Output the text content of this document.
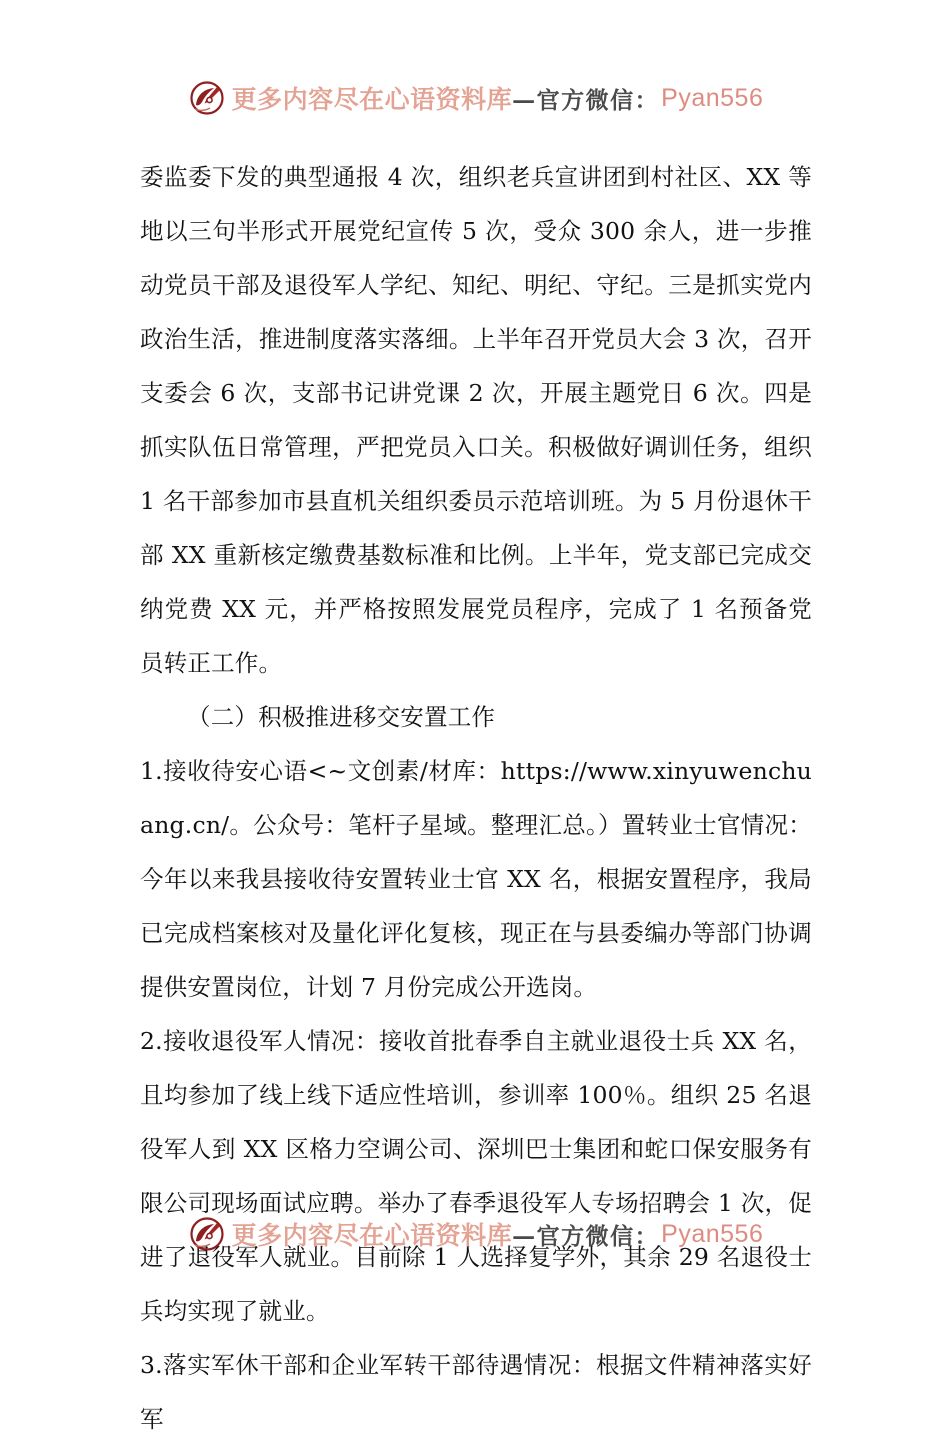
更多内容尽在心语资料库 —官方微信： Pyan556

委监委下发的典型通报 4 次，组织老兵宣讲团到村社区、XX 等地以三句半形式开展党纪宣传 5 次，受众 300 余人，进一步推动党员干部及退役军人学纪、知纪、明纪、守纪。三是抓实党内政治生活，推进制度落实落细。上半年召开党员大会 3 次，召开支委会 6 次，支部书记讲党课 2 次，开展主题党日 6 次。四是抓实队伍日常管理，严把党员入口关。积极做好调训任务，组织 1 名干部参加市县直机关组织委员示范培训班。为 5 月份退休干部 XX 重新核定缴费基数标准和比例。上半年，党支部已完成交纳党费 XX 元，并严格按照发展党员程序，完成了 1 名预备党员转正工作。

（二）积极推进移交安置工作

1.接收待安心语<~文创素/材库：https://www.xinyuwenchuang.cn/。公众号：笔杆子星域。整理汇总。）置转业士官情况：今年以来我县接收待安置转业士官 XX 名，根据安置程序，我局已完成档案核对及量化评化复核，现正在与县委编办等部门协调提供安置岗位，计划 7 月份完成公开选岗。

2.接收退役军人情况：接收首批春季自主就业退役士兵 XX 名，且均参加了线上线下适应性培训，参训率 100％。组织 25 名退役军人到 XX 区格力空调公司、深圳巴士集团和蛇口保安服务有限公司现场面试应聘。举办了春季退役军人专场招聘会 1 次，促进了退役军人就业。目前除 1 人选择复学外，其余 29 名退役士兵均实现了就业。

3.落实军休干部和企业军转干部待遇情况：根据文件精神落实好军

更多内容尽在心语资料库 —官方微信： Pyan556
